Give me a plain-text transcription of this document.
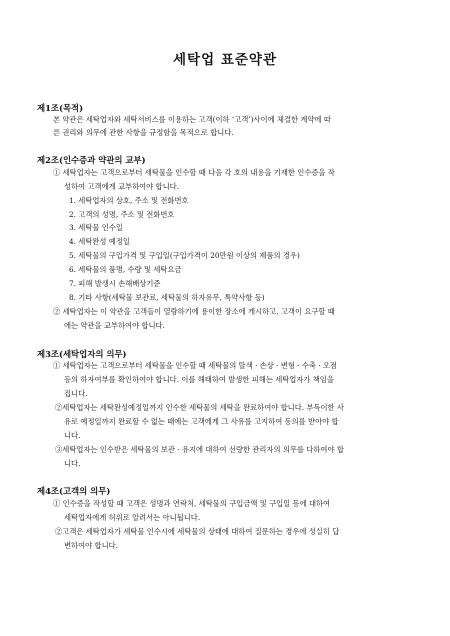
세탁업 표준약관
제1조(목적)
본 약관은 세탁업자와 세탁서비스를 이용하는 고객(이하 ‘고객’)사이에 체결한 계약에 따
른 권리와 의무에 관한 사항을 규정함을 목적으로 합니다.
제2조(인수증과 약관의 교부)
① 세탁업자는 고객으로부터 세탁물을 인수할 때 다음 각 호의 내용을 기재한 인수증을 작
성하여 고객에게 교부하여야 합니다.
1. 세탁업자의 상호, 주소 및 전화번호
2. 고객의 성명, 주소 및 전화번호
3. 세탁물 인수일
4. 세탁완성 예정일
5. 세탁물의 구입가격 및 구입일(구입가격이 20만원 이상의 제품의 경우)
6. 세탁물의 품명, 수량 및 세탁요금
7. 피해 발생시 손해배상기준
8. 기타 사항(세탁물 보관료, 세탁물의 하자유무, 특약사항 등)
② 세탁업자는 이 약관을 고객들이 열람하기에 용이한 장소에 게시하고, 고객이 요구할 때
에는 약관을 교부하여야 합니다.
제3조(세탁업자의 의무)
① 세탁업자는 고객으로부터 세탁물을 인수할 때 세탁물의 탈색 · 손상 · 변형 · 수축 · 오점
등의 하자여부를 확인하여야 합니다. 이를 해태하여 발생한 피해는 세탁업자가 책임을
집니다.
②세탁업자는 세탁완성예정일까지 인수한 세탁물의 세탁을 완료하여야 합니다. 부득이한 사
유로 예정일까지 완료할 수 없는 때에는 고객에게 그 사유를 고지하여 동의를 받아야 합
니다.
③세탁업자는 인수받은 세탁물의 보관 · 유지에 대하여 선량한 관리자의 의무를 다하여야 합
니다.
제4조(고객의 의무)
① 인수증을 작성할 때 고객은 성명과 연락처, 세탁물의 구입금액 및 구입일 등에 대하여
세탁업자에게 허위로 알려서는 아니됩니다.
②고객은 세탁업자가 세탁물 인수시에 세탁물의 상태에 대하여 질문하는 경우에 성실히 답
변하여야 합니다.
